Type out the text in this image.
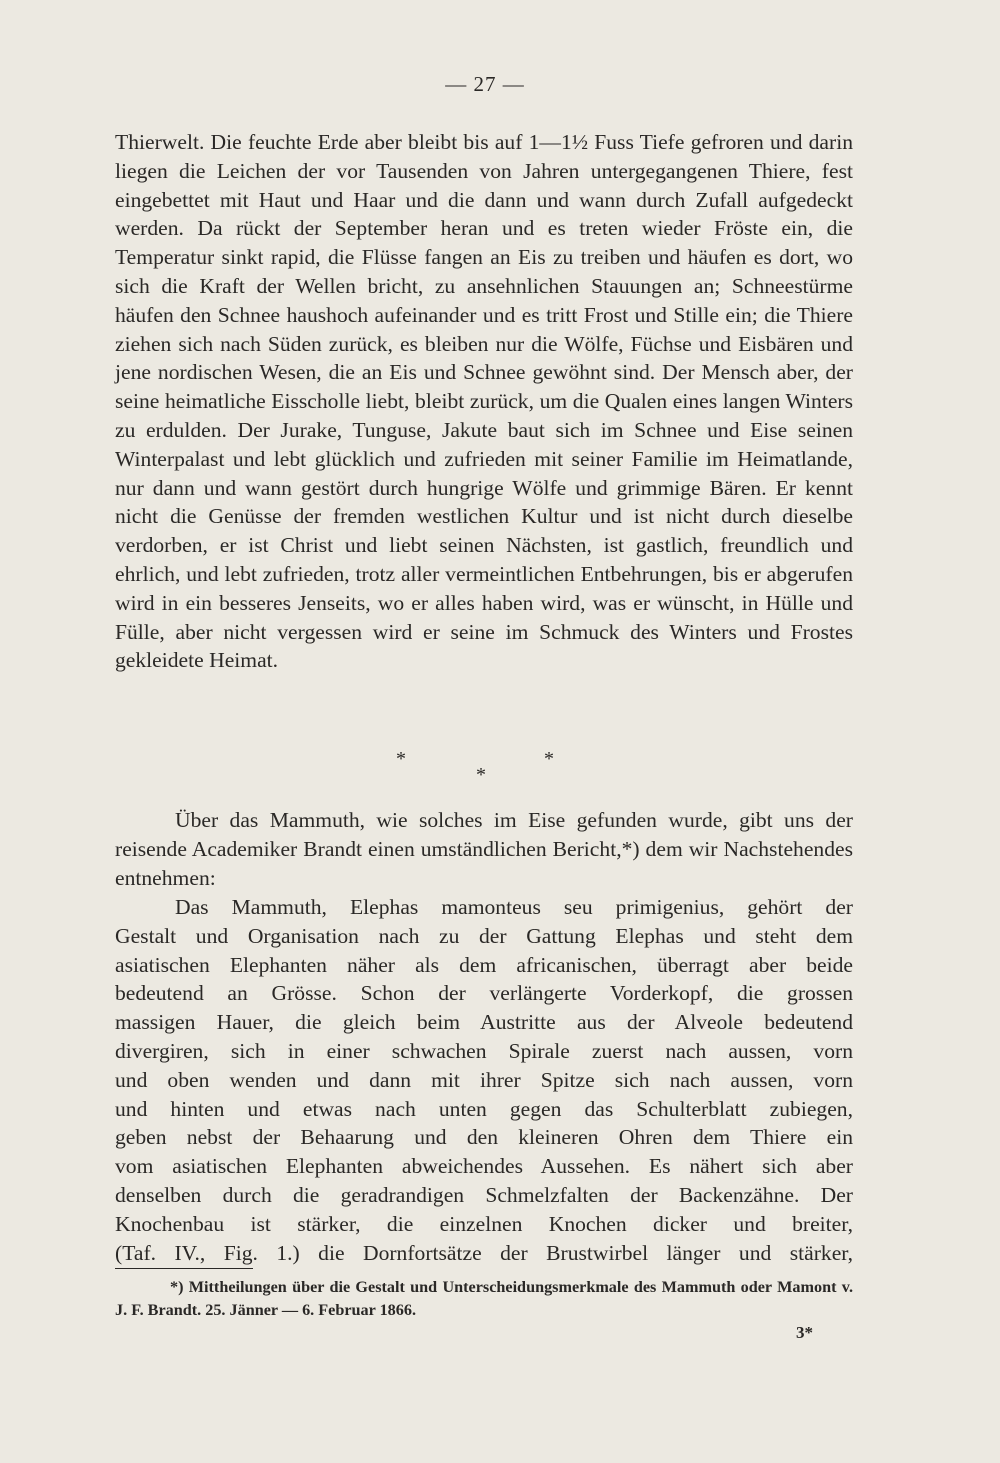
— 27 —

Thierwelt. Die feuchte Erde aber bleibt bis auf 1—1½ Fuss Tiefe gefroren und darin liegen die Leichen der vor Tausenden von Jahren untergegangenen Thiere, fest eingebettet mit Haut und Haar und die dann und wann durch Zufall aufgedeckt werden. Da rückt der September heran und es treten wieder Fröste ein, die Temperatur sinkt rapid, die Flüsse fangen an Eis zu treiben und häufen es dort, wo sich die Kraft der Wellen bricht, zu ansehnlichen Stauungen an; Schneestürme häufen den Schnee haushoch aufeinander und es tritt Frost und Stille ein; die Thiere ziehen sich nach Süden zurück, es bleiben nur die Wölfe, Füchse und Eisbären und jene nordischen Wesen, die an Eis und Schnee gewöhnt sind. Der Mensch aber, der seine heimatliche Eisscholle liebt, bleibt zurück, um die Qualen eines langen Winters zu erdulden. Der Jurake, Tunguse, Jakute baut sich im Schnee und Eise seinen Winterpalast und lebt glücklich und zufrieden mit seiner Familie im Heimatlande, nur dann und wann gestört durch hungrige Wölfe und grimmige Bären. Er kennt nicht die Genüsse der fremden westlichen Kultur und ist nicht durch dieselbe verdorben, er ist Christ und liebt seinen Nächsten, ist gastlich, freundlich und ehrlich, und lebt zufrieden, trotz aller vermeintlichen Entbehrungen, bis er abgerufen wird in ein besseres Jenseits, wo er alles haben wird, was er wünscht, in Hülle und Fülle, aber nicht vergessen wird er seine im Schmuck des Winters und Frostes gekleidete Heimat.

*
*
*

Über das Mammuth, wie solches im Eise gefunden wurde, gibt uns der reisende Academiker Brandt einen umständlichen Bericht,*) dem wir Nachstehendes entnehmen:

Das Mammuth, Elephas mamonteus seu primigenius, gehört der
Gestalt und Organisation nach zu der Gattung Elephas und steht dem
asiatischen Elephanten näher als dem africanischen, überragt aber beide
bedeutend an Grösse. Schon der verlängerte Vorderkopf, die grossen
massigen Hauer, die gleich beim Austritte aus der Alveole bedeutend
divergiren, sich in einer schwachen Spirale zuerst nach aussen, vorn
und oben wenden und dann mit ihrer Spitze sich nach aussen, vorn
und hinten und etwas nach unten gegen das Schulterblatt zubiegen,
geben nebst der Behaarung und den kleineren Ohren dem Thiere ein
vom asiatischen Elephanten abweichendes Aussehen. Es nähert sich aber
denselben durch die geradrandigen Schmelzfalten der Backenzähne. Der
Knochenbau ist stärker, die einzelnen Knochen dicker und breiter,
(Taf. IV., Fig. 1.) die Dornfortsätze der Brustwirbel länger und stärker,

*) Mittheilungen über die Gestalt und Unterscheidungsmerkmale des Mammuth oder Mamont v. J. F. Brandt. 25. Jänner — 6. Februar 1866.

3*
